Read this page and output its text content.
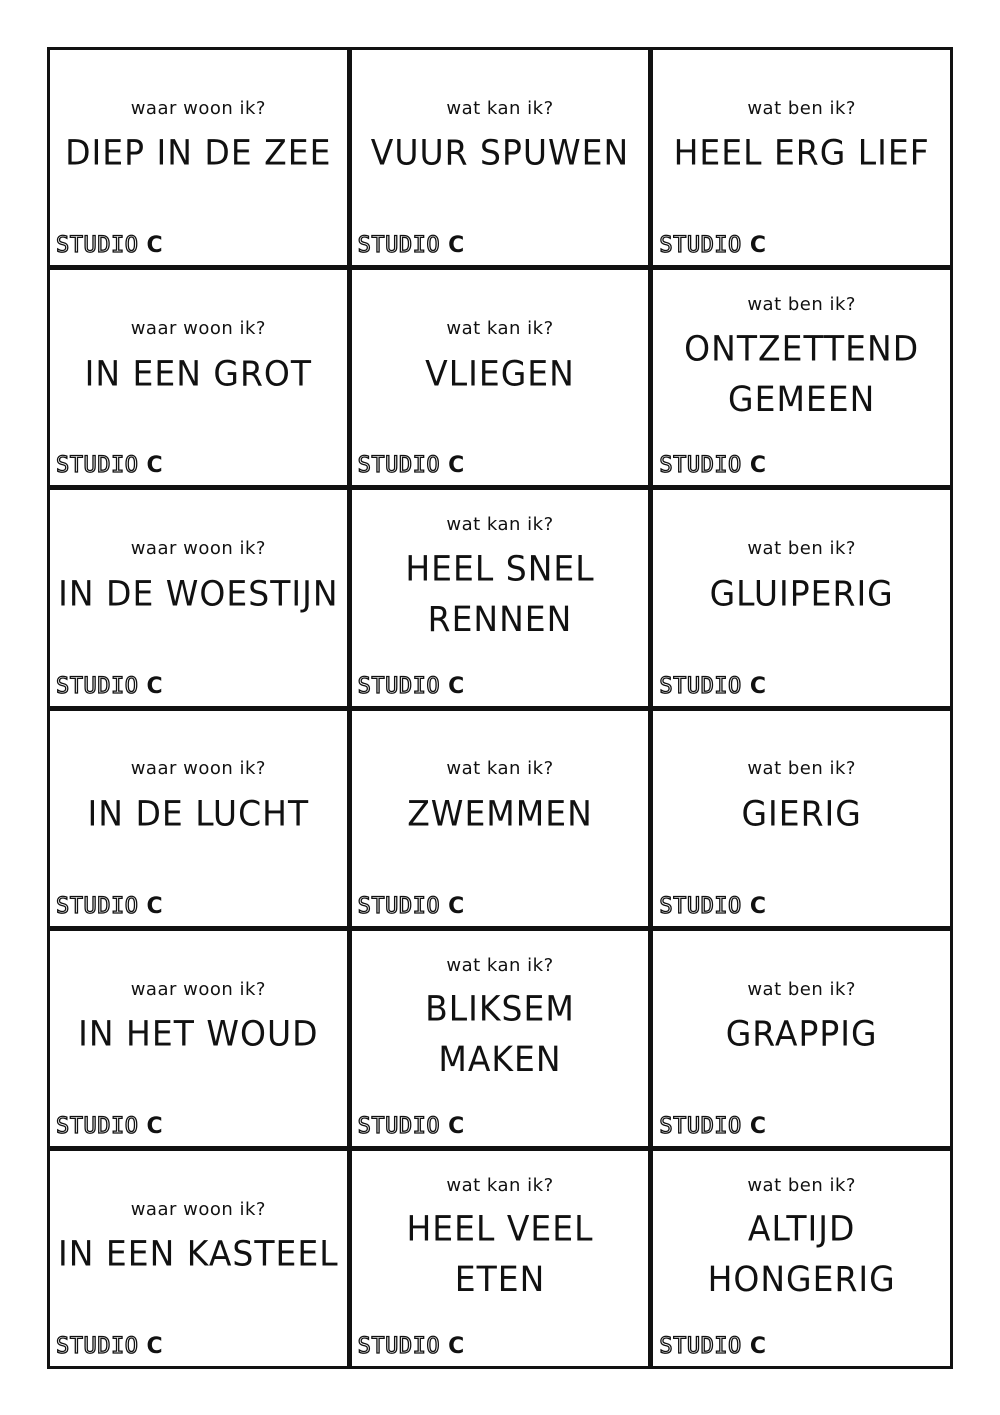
waar woon ik?
DIEP IN DE ZEE
STUDIO C
wat kan ik?
VUUR SPUWEN
STUDIO C
wat ben ik?
HEEL ERG LIEF
STUDIO C
waar woon ik?
IN EEN GROT
STUDIO C
wat kan ik?
VLIEGEN
STUDIO C
wat ben ik?
ONTZETTEND GEMEEN
STUDIO C
waar woon ik?
IN DE WOESTIJN
STUDIO C
wat kan ik?
HEEL SNEL RENNEN
STUDIO C
wat ben ik?
GLUIPERIG
STUDIO C
waar woon ik?
IN DE LUCHT
STUDIO C
wat kan ik?
ZWEMMEN
STUDIO C
wat ben ik?
GIERIG
STUDIO C
waar woon ik?
IN HET WOUD
STUDIO C
wat kan ik?
BLIKSEM MAKEN
STUDIO C
wat ben ik?
GRAPPIG
STUDIO C
waar woon ik?
IN EEN KASTEEL
STUDIO C
wat kan ik?
HEEL VEEL ETEN
STUDIO C
wat ben ik?
ALTIJD HONGERIG
STUDIO C
